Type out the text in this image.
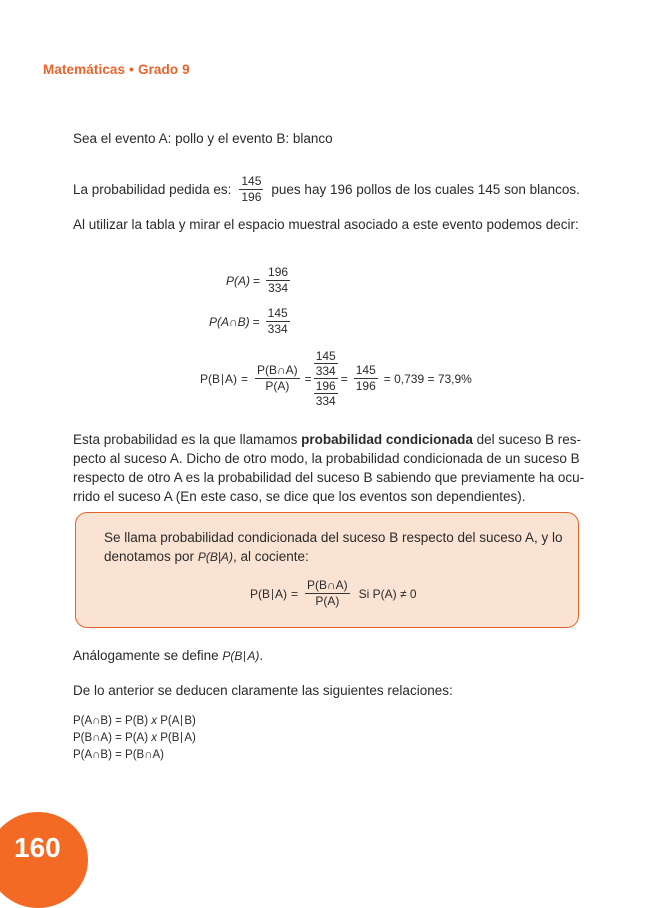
Matemáticas • Grado 9
Sea el evento A: pollo y el evento B: blanco
La probabilidad pedida es: $\frac{145}{196}$ pues hay 196 pollos de los cuales 145 son blancos.
Al utilizar la tabla y mirar el espacio muestral asociado a este evento podemos decir:
$P(A) = \frac{196}{334}$
P(A∩B) = $\frac{145}{334}$
P(B $A) = \frac{P(B\cap A)}{P(A)} = 145$
334
196
$334 = \frac{145}{196} = 0,739 = 73,9\%$
Esta probabilidad es la que llamamos probabilidad condicionada del suceso B res-
pecto al suceso A. Dicho de otro modo, la probabilidad condicionada de un suceso B
respecto de otro A es la probabilidad del suceso B sabiendo que previamente ha ocu-
rrido el suceso A (En este caso, se dice que los eventos son dependientes).
Se llama probabilidad condicionada del suceso B respecto del suceso A, y lo
denotamos por P(B|A), al cociente:
P(B $A) = \frac{P(B\cap A)}{P(A)}$ Si P(A) ≠ 0
Análogamente se define P(B A).
De lo anterior se deducen claramente las siguientes relaciones:
P(A∩B) = P(B) x P(A B)
P(B∩A) = P(A) x P(B A)
P(A∩B) = P(B∩A)
160
